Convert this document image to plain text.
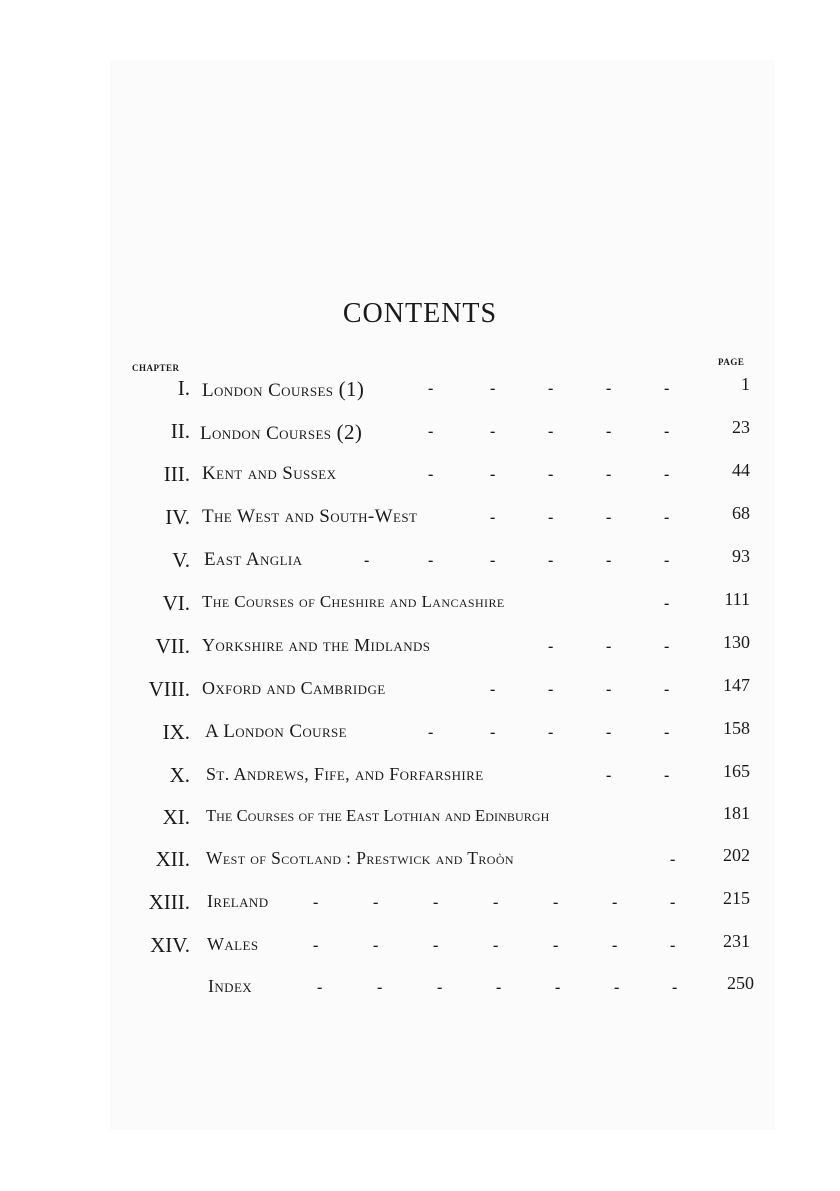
CONTENTS
CHAPTER
PAGE
I. London Courses (1)	-	-	-	-	-	1
II. London Courses (2)	-	-	-	-	-	23
III. Kent and Sussex	-	-	-	-	-	44
IV. The West and South-West	-	-	-	-	68
V. East Anglia	-	-	-	-	-	-	93
VI. The Courses of Cheshire and Lancashire	-	111
VII. Yorkshire and the Midlands	-	-	-	130
VIII. Oxford and Cambridge	-	-	-	-	147
IX. A London Course	-	-	-	-	-	158
X. St. Andrews, Fife, and Forfarshire	-	-	165
XI. The Courses of the East Lothian and Edinburgh	181
XII. West of Scotland : Prestwick and Troòn	-	202
XIII. Ireland	-	-	-	-	-	-	-	215
XIV. Wales	-	-	-	-	-	-	-	231
Index	-	-	-	-	-	-	-	250
